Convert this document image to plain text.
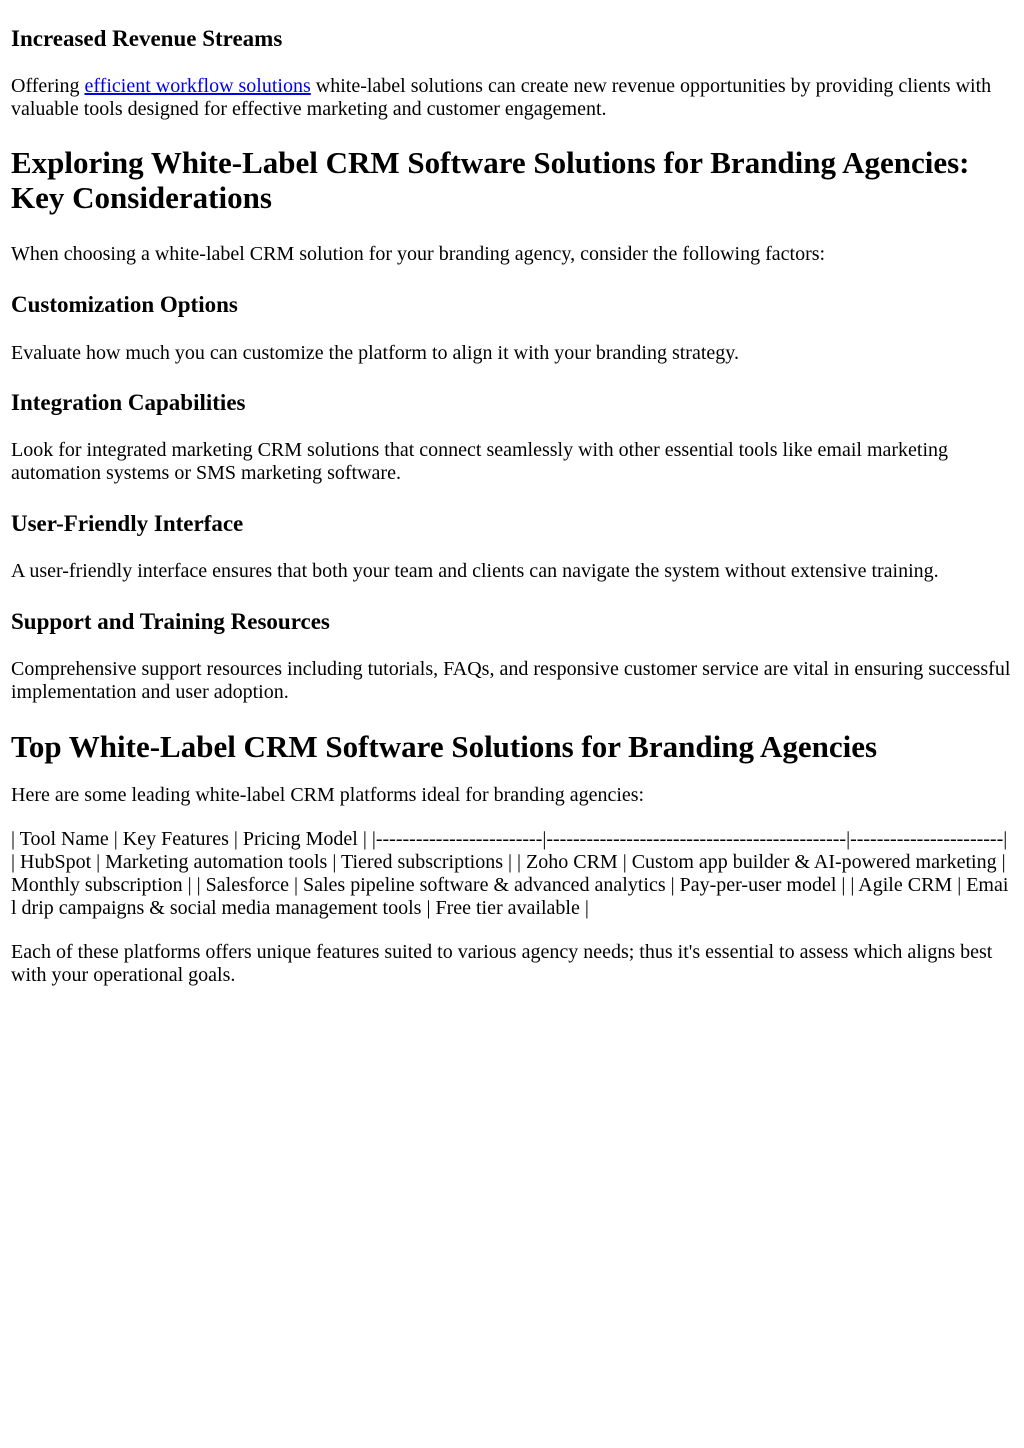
Increased Revenue Streams

Offering efficient workflow solutions white-label solutions can create new revenue opportunities by providing clients with valuable tools designed for effective marketing and customer engagement.

Exploring White-Label CRM Software Solutions for Branding Agencies: Key Considerations

When choosing a white-label CRM solution for your branding agency, consider the following factors:

Customization Options

Evaluate how much you can customize the platform to align it with your branding strategy.

Integration Capabilities

Look for integrated marketing CRM solutions that connect seamlessly with other essential tools like email marketing automation systems or SMS marketing software.

User-Friendly Interface

A user-friendly interface ensures that both your team and clients can navigate the system without extensive training.

Support and Training Resources

Comprehensive support resources including tutorials, FAQs, and responsive customer service are vital in ensuring successful implementation and user adoption.

Top White-Label CRM Software Solutions for Branding Agencies

Here are some leading white-label CRM platforms ideal for branding agencies:

| Tool Name | Key Features | Pricing Model | |-------------------------|---------------------------------------------|-----------------------| | HubSpot | Marketing automation tools | Tiered subscriptions | | Zoho CRM | Custom app builder & AI-powered marketing | Monthly subscription | | Salesforce | Sales pipeline software & advanced analytics | Pay-per-user model | | Agile CRM | Email drip campaigns & social media management tools | Free tier available |

Each of these platforms offers unique features suited to various agency needs; thus it's essential to assess which aligns best with your operational goals.
